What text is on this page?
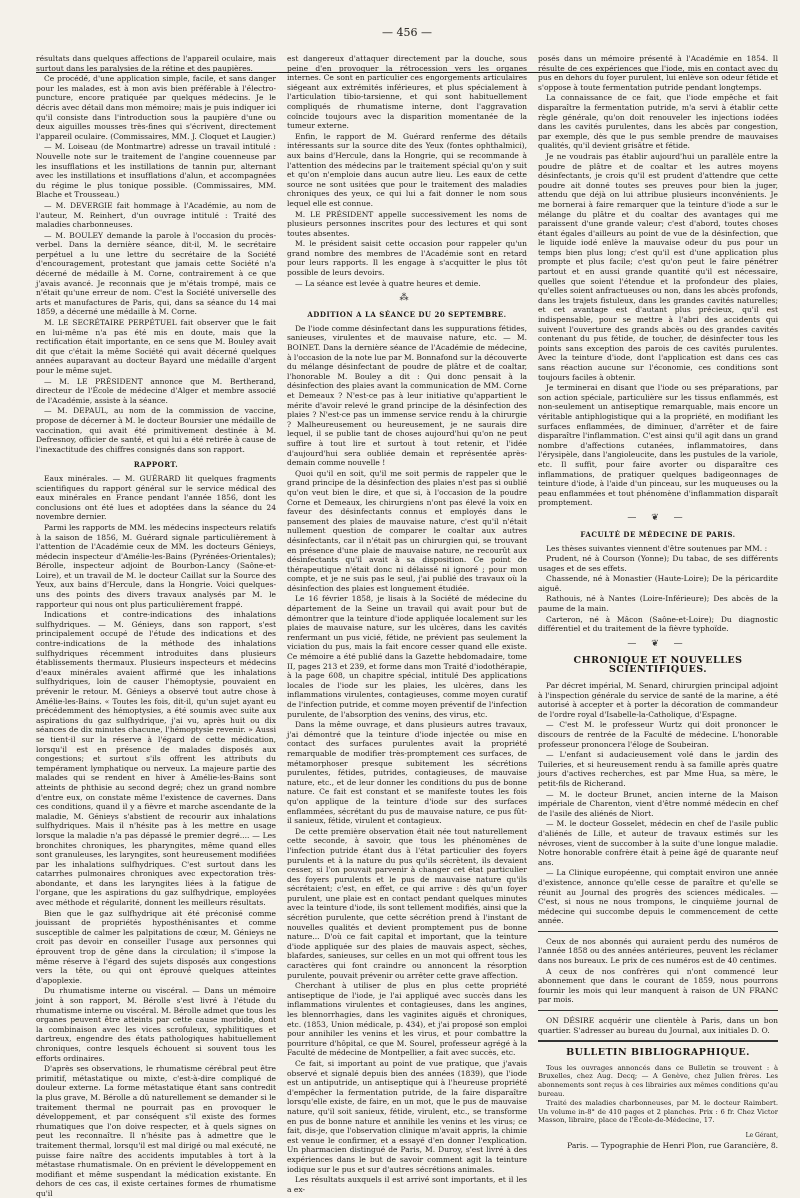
— 456 —

résultats dans quelques affections de l'appareil oculaire, mais surtout dans les paralysies de la rétine et des paupières.

Ce procédé, d'une application simple, facile, et sans danger pour les malades, est à mon avis bien préférable à l'électro-puncture, encore pratiquée par quelques médecins. Je le décris avec détail dans mon mémoire; mais je puis indiquer ici qu'il consiste dans l'introduction sous la paupière d'une ou deux aiguilles mousses très-fines qui s'écrivent, directement l'appareil oculaire. (Commissaires, MM. J. Cloquet et Laugier.)

— M. Loiseau (de Montmartre) adresse un travail intitulé : Nouvelle note sur le traitement de l'angine couenneuse par les insufflations et les instillations de tannin pur, alternant avec les instillations et insufflations d'alun, et accompagnées du régime le plus tonique possible. (Commissaires, MM. Blache et Trousseau.)

— M. DEVERGIE fait hommage à l'Académie, au nom de l'auteur, M. Reinhert, d'un ouvrage intitulé : Traité des maladies charbonneuses.

— M. BOULEY demande la parole à l'occasion du procès-verbel. Dans la dernière séance, dit-il, M. le secrétaire perpétuel a lu une lettre du secrétaire de la Société d'encouragement, protestant que jamais cette Société n'a décerné de médaille à M. Corne, contrairement à ce que j'avais avancé. Je reconnais que je m'étais trompé, mais ce n'était qu'une erreur de nom. C'est la Société universelle des arts et manufactures de Paris, qui, dans sa séance du 14 mai 1859, a décerné une médaille à M. Corne.

M. LE SECRÉTAIRE PERPÉTUEL fait observer que le fait en lui-même n'a pas été mis en doute, mais que la rectification était importante, en ce sens que M. Bouley avait dit que c'était la même Société qui avait décerné quelques années auparavant au docteur Bayard une médaille d'argent pour le même sujet.

— M. LE PRÉSIDENT annonce que M. Bertherand, directeur de l'École de médecine d'Alger et membre associé de l'Académie, assiste à la séance.

— M. DEPAUL, au nom de la commission de vaccine, propose de décerner à M. le docteur Boursier une médaille de vaccination, qui avait été primitivement destinée à M. Defresnoy, officier de santé, et qui lui a été retirée à cause de l'inexactitude des chiffres consignés dans son rapport.

RAPPORT.

Eaux minérales. — M. GUÉRARD lit quelques fragments scientifiques du rapport général sur le service médical des eaux minérales en France pendant l'année 1856, dont les conclusions ont été lues et adoptées dans la séance du 24 novembre dernier.

Parmi les rapports de MM. les médecins inspecteurs relatifs à la saison de 1856, M. Guérard signale particulièrement à l'attention de l'Académie ceux de MM. les docteurs Génieys, médecin inspecteur d'Amélie-les-Bains (Pyrénées-Orientales); Bérolle, inspecteur adjoint de Bourbon-Lancy (Saône-et-Loire), et un travail de M. le docteur Caillat sur la Source des Yeux, aux bains d'Hercule, dans la Hongrie. Voici quelques-uns des points des divers travaux analysés par M. le rapporteur qui nous ont plus particulièrement frappé.

Indications et contre-indications des inhalations sulfhydriques. — M. Génieys, dans son rapport, s'est principalement occupé de l'étude des indications et des contre-indications de la méthode des inhalations sulfhydriques récemment introduites dans plusieurs établissements thermaux. Plusieurs inspecteurs et médecins d'eaux minérales avaient affirmé que les inhalations sulfhydriques, loin de causer l'hémoptysie, pouvaient en prévenir le retour. M. Génieys a observé tout autre chose à Amélie-les-Bains. « Toutes les fois, dit-il, qu'un sujet ayant eu précédemment des hémoptysies, a été soumis avec suite aux aspirations du gaz sulfhydrique, j'ai vu, après huit ou dix séances de dix minutes chacune, l'hémoptysie revenir. » Aussi se tient-il sur la réserve à l'égard de cette médication, lorsqu'il est en présence de malades disposés aux congestions; et surtout s'ils offrent les attributs du tempérament lymphatique ou nerveux. La majeure partie des malades qui se rendent en hiver à Amélie-les-Bains sont atteints de phthisie au second degré; chez un grand nombre d'entre eux, on constate même l'existence de cavernes. Dans ces conditions, quand il y a fièvre et marche ascendante de la maladie, M. Génieys s'abstient de recourir aux inhalations sulfhydriques. Mais il n'hésite pas à les mettre en usage lorsque la maladie n'a pas dépassé le premier degré.... — Les bronchites chroniques, les pharyngites, même quand elles sont granuleuses, les laryngites, sont heureusement modifiées par les inhalations sulfhydriques. C'est surtout dans les catarrhes pulmonaires chroniques avec expectoration très-abondante, et dans les laryngites liées à la fatigue de l'organe, que les aspirations du gaz sulfhydrique, employées avec méthode et régularité, donnent les meilleurs résultats.

Bien que le gaz sulfhydrique ait été préconisé comme jouissant de propriétés hyposthénisantes et comme susceptible de calmer les palpitations de cœur, M. Génieys ne croit pas devoir en conseiller l'usage aux personnes qui éprouvent trop de gêne dans la circulation; il s'impose la même réserve à l'égard des sujets disposés aux congestions vers la tête, ou qui ont éprouvé quelques atteintes d'apoplexie.

Du rhumatisme interne ou viscéral. — Dans un mémoire joint à son rapport, M. Bérolle s'est livré à l'étude du rhumatisme interne ou viscéral. M. Bérolle admet que tous les organes peuvent être atteints par cette cause morbide, dont la combinaison avec les vices scrofuleux, syphilitiques et dartreux, engendre des états pathologiques habituellement chroniques, contre lesquels échouent si souvent tous les efforts ordinaires.

D'après ses observations, le rhumatisme cérébral peut être primitif, métastatique ou mixte, c'est-à-dire compliqué de douleur externe. La forme métastatique étant sans contredit la plus grave, M. Bérolle a dû naturellement se demander si le traitement thermal ne pourrait pas en provoquer le développement, et par conséquent s'il existe des formes rhumatiques que l'on doive respecter, et à quels signes on peut les reconnaître. Il n'hésite pas à admettre que le traitement thermal, lorsqu'il est mal dirigé ou mal exécuté, ne puisse faire naître des accidents imputables à tort à la métastase rhumatismale. On en prévient le développement en modifiant et même suspendant la médication existante. En dehors de ces cas, il existe certaines formes de rhumatisme qu'il

est dangereux d'attaquer directement par la douche, sous peine d'en provoquer la rétrocession vers les organes internes. Ce sont en particulier ces engorgements articulaires siégeant aux extrémités inférieures, et plus spécialement à l'articulation tibio-tarsienne, et qui sont habituellement compliqués de rhumatisme interne, dont l'aggravation coïncide toujours avec la disparition momentanée de la tumeur externe.

Enfin, le rapport de M. Guérard renferme des détails intéressants sur la source dite des Yeux (fontes ophthalmici), aux bains d'Hercule, dans la Hongrie, qui se recommande à l'attention des médecins par le traitement spécial qu'on y suit et qu'on n'emploie dans aucun autre lieu. Les eaux de cette source ne sont usitées que pour le traitement des maladies chroniques des yeux, ce qui lui a fait donner le nom sous lequel elle est connue.

M. LE PRÉSIDENT appelle successivement les noms de plusieurs personnes inscrites pour des lectures et qui sont toutes absentes.

M. le président saisit cette occasion pour rappeler qu'un grand nombre des membres de l'Académie sont en retard pour leurs rapports. Il les engage à s'acquitter le plus tôt possible de leurs devoirs.

— La séance est levée à quatre heures et demie.

⁂
ADDITION A LA SÉANCE DU 20 SEPTEMBRE.

De l'iode comme désinfectant dans les suppurations fétides, sanieuses, virulentes et de mauvaise nature, etc. — M. BOINET. Dans la dernière séance de l'Académie de médecine, à l'occasion de la note lue par M. Bonnafond sur la découverte du mélange désinfectant de poudre de plâtre et de coaltar, l'honorable M. Bouley a dit : Qui donc pensait à la désinfection des plaies avant la communication de MM. Corne et Demeaux ? N'est-ce pas à leur initiative qu'appartient le mérite d'avoir relevé le grand principe de la désinfection des plaies ? N'est-ce pas un immense service rendu à la chirurgie ? Malheureusement ou heureusement, je ne saurais dire lequel, il se publie tant de choses aujourd'hui qu'on ne peut suffire à tout lire et surtout à tout retenir, et l'idée d'aujourd'hui sera oubliée demain et représentée après-demain comme nouvelle !

Quoi qu'il en soit, qu'il me soit permis de rappeler que le grand principe de la désinfection des plaies n'est pas si oublié qu'on veut bien le dire, et que si, à l'occasion de la poudre Corne et Demeaux, les chirurgiens n'ont pas élevé la voix en faveur des désinfectants connus et employés dans le pansement des plaies de mauvaise nature, c'est qu'il n'était nullement question de comparer le coaltar aux autres désinfectants, car il n'était pas un chirurgien qui, se trouvant en présence d'une plaie de mauvaise nature, ne recourût aux désinfectants qu'il avait à sa disposition. Ce point de thérapeutique n'était donc ni délaissé ni ignoré ; pour mon compte, et je ne suis pas le seul, j'ai publié des travaux où la désinfection des plaies est longuement étudiée.

Le 16 février 1858, je lisais à la Société de médecine du département de la Seine un travail qui avait pour but de démontrer que la teinture d'iode appliquée localement sur les plaies de mauvaise nature, sur les ulcères, dans les cavités renfermant un pus vicié, fétide, ne prévient pas seulement la viciation du pus, mais la fait encore cesser quand elle existe. Ce mémoire a été publié dans la Gazette hebdomadaire, tome II, pages 213 et 239, et forme dans mon Traité d'iodothérapie, à la page 608, un chapitre spécial, intitulé Des applications locales de l'iode sur les plaies, les ulcères, dans les inflammations virulentes, contagieuses, comme moyen curatif de l'infection putride, et comme moyen préventif de l'infection purulente, de l'absorption des venins, des virus, etc.

Dans la même ouvrage, et dans plusieurs autres travaux, j'ai démontré que la teinture d'iode injectée ou mise en contact des surfaces purulentes avait la propriété remarquable de modifier très-promptement ces surfaces, de métamorphoser presque subitement les sécrétions purulentes, fétides, putrides, contagieuses, de mauvaise nature, etc., et de leur donner les conditions du pus de bonne nature. Ce fait est constant et se manifeste toutes les fois qu'on applique de la teinture d'iode sur des surfaces enflammées, sécrétant du pus de mauvaise nature, ce pus fût-il sanieux, fétide, virulent et contagieux.

De cette première observation était née tout naturellement cette seconde, à savoir, que tous les phénomènes de l'infection putride étant dus à l'état particulier des foyers purulents et à la nature du pus qu'ils sécrètent, ils devaient cesser, si l'on pouvait parvenir à changer cet état particulier des foyers purulents et le pus de mauvaise nature qu'ils sécrétaient; c'est, en effet, ce qui arrive : dès qu'un foyer purulent, une plaie est en contact pendant quelques minutes avec la teinture d'iode, ils sont tellement modifiés, ainsi que la sécrétion purulente, que cette sécrétion prend à l'instant de nouvelles qualités et devient promptement pus de bonne nature... D'où ce fait capital et important, que la teinture d'iode appliquée sur des plaies de mauvais aspect, sèches, blafardes, sanieuses, sur celles en un mot qui offrent tous les caractères qui font craindre ou annoncent la résorption purulente, pouvait prévenir ou arrêter cette grave affection.

Cherchant à utiliser de plus en plus cette propriété antiseptique de l'iode, je l'ai appliqué avec succès dans les inflammations virulentes et contagieuses, dans les angines, les blennorrhagies, dans les vaginites aiguës et chroniques, etc. (1853, Union médicale, p. 434), et j'ai proposé son emploi pour annihiler les venins et les virus, et pour combattre la pourriture d'hôpital, ce que M. Sourel, professeur agrégé à la Faculté de médecine de Montpellier, a fait avec succès, etc.

Ce fait, si important au point de vue pratique, que j'avais observé et signalé depuis bien des années (1839), que l'iode est un antiputride, un antiseptique qui à l'heureuse propriété d'empêcher la fermentation putride, de la faire disparaître lorsqu'elle existe, de faire, en un mot, que le pus de mauvaise nature, qu'il soit sanieux, fétide, virulent, etc., se transforme en pus de bonne nature et annihile les venins et les virus; ce fait, dis-je, que l'observation clinique m'avait appris, la chimie est venue le confirmer, et a essayé d'en donner l'explication. Un pharmacien distingué de Paris, M. Duroy, s'est livré à des expériences dans le but de savoir comment agit la teinture iodique sur le pus et sur d'autres sécrétions animales.

Les résultats auxquels il est arrivé sont importants, et il les a ex-

posés dans un mémoire présenté à l'Académie en 1854. Il résulte de ces expériences que l'iode, mis en contact avec du pus en dehors du foyer purulent, lui enlève son odeur fétide et s'oppose à toute fermentation putride pendant longtemps.

La connaissance de ce fait, que l'iode empêche et fait disparaître la fermentation putride, m'a servi à établir cette règle générale, qu'on doit renouveler les injections iodées dans les cavités purulentes, dans les abcès par congestion, par exemple, dès que le pus semble prendre de mauvaises qualités, qu'il devient grisâtre et fétide.

Je ne voudrais pas établir aujourd'hui un parallèle entre la poudre de plâtre et de coaltar et les autres moyens désinfectants, je crois qu'il est prudent d'attendre que cette poudre ait donné toutes ses preuves pour bien la juger, attendu que déjà on lui attribue plusieurs inconvénients. Je me bornerai à faire remarquer que la teinture d'iode a sur le mélange du plâtre et du coaltar des avantages qui me paraissent d'une grande valeur; c'est d'abord, toutes choses étant égales d'ailleurs au point de vue de la désinfection, que le liquide iodé enlève la mauvaise odeur du pus pour un temps bien plus long; c'est qu'il est d'une application plus prompte et plus facile; c'est qu'on peut le faire pénétrer partout et en aussi grande quantité qu'il est nécessaire, quelles que soient l'étendue et la profondeur des plaies, qu'elles soient anfractueuses ou non, dans les abcès profonds, dans les trajets fistuleux, dans les grandes cavités naturelles; et cet avantage est d'autant plus précieux, qu'il est indispensable, pour se mettre à l'abri des accidents qui suivent l'ouverture des grands abcès ou des grandes cavités contenant du pus fétide, de toucher, de désinfecter tous les points sans exception des parois de ces cavités purulentes. Avec la teinture d'iode, dont l'application est dans ces cas sans réaction aucune sur l'économie, ces conditions sont toujours faciles à obtenir.

Je terminerai en disant que l'iode ou ses préparations, par son action spéciale, particulière sur les tissus enflammés, est non-seulement un antiseptique remarquable, mais encore un véritable antiphlogistique qui a la propriété, en modifiant les surfaces enflammées, de diminuer, d'arrêter et de faire disparaître l'inflammation. C'est ainsi qu'il agit dans un grand nombre d'affections cutanées, inflammatoires, dans l'érysipèle, dans l'angioleucite, dans les pustules de la variole, etc. Il suffit, pour faire avorter ou disparaître ces inflammations, de pratiquer quelques badigeonnages de teinture d'iode, à l'aide d'un pinceau, sur les muqueuses ou la peau enflammées et tout phénomène d'inflammation disparaît promptement.

— ❦ —
FACULTÉ DE MÉDECINE DE PARIS.

Les thèses suivantes viennent d'être soutenues par MM. :

Prudent, né à Courson (Yonne); Du tabac, de ses différents usages et de ses effets.

Chassende, né à Monastier (Haute-Loire); De la péricardite aiguë.

Rathouis, né à Nantes (Loire-Inférieure); Des abcès de la paume de la main.

Carteron, né à Mâcon (Saône-et-Loire); Du diagnostic différentiel et du traitement de la fièvre typhoïde.

— ❦ —
CHRONIQUE ET NOUVELLES SCIENTIFIQUES.

Par décret impérial, M. Senard, chirurgien principal adjoint à l'inspection générale du service de santé de la marine, a été autorisé à accepter et à porter la décoration de commandeur de l'ordre royal d'Isabelle-la-Catholique, d'Espagne.

— C'est M. le professeur Wurtz qui doit prononcer le discours de rentrée de la Faculté de médecine. L'honorable professeur prononcera l'éloge de Soubeiran.

— L'enfant si audacieusement volé dans le jardin des Tuileries, et si heureusement rendu à sa famille après quatre jours d'actives recherches, est par Mme Hua, sa mère, le petit-fils de Richerand.

— M. le docteur Brunet, ancien interne de la Maison impériale de Charenton, vient d'être nommé médecin en chef de l'asile des aliénés de Niort.

— M. le docteur Gosselet, médecin en chef de l'asile public d'aliénés de Lille, et auteur de travaux estimés sur les névroses, vient de succomber à la suite d'une longue maladie. Notre honorable confrère était à peine âgé de quarante neuf ans.

— La Clinique européenne, qui comptait environ une année d'existence, annonce qu'elle cesse de paraître et qu'elle se réunit au Journal des progrès des sciences médicales. — C'est, si nous ne nous trompons, le cinquième journal de médecine qui succombe depuis le commencement de cette année.

Ceux de nos abonnés qui auraient perdu des numéros de l'année 1858 ou des années antérieures, peuvent les réclamer dans nos bureaux. Le prix de ces numéros est de 40 centimes.

A ceux de nos confrères qui n'ont commencé leur abonnement que dans le courant de 1859, nous pourrons fournir les mois qui leur manquent à raison de UN FRANC par mois.

ON DÉSIRE acquérir une clientèle à Paris, dans un bon quartier. S'adresser au bureau du Journal, aux initiales D. O.

BULLETIN BIBLIOGRAPHIQUE.

Tous les ouvrages annoncés dans ce Bulletin se trouvent : à Bruxelles, chez Aug. Decq; — A Genève, chez Julien frères. Les abonnements sont reçus à ces librairies aux mêmes conditions qu'au bureau.

Traité des maladies charbonneuses, par M. le docteur Raimbert. Un volume in-8° de 410 pages et 2 planches. Prix : 6 fr. Chez Victor Masson, libraire, place de l'École-de-Médecine, 17.

Le Gérant,
Paris. — Typographie de Henri Plon, rue Garancière, 8.
